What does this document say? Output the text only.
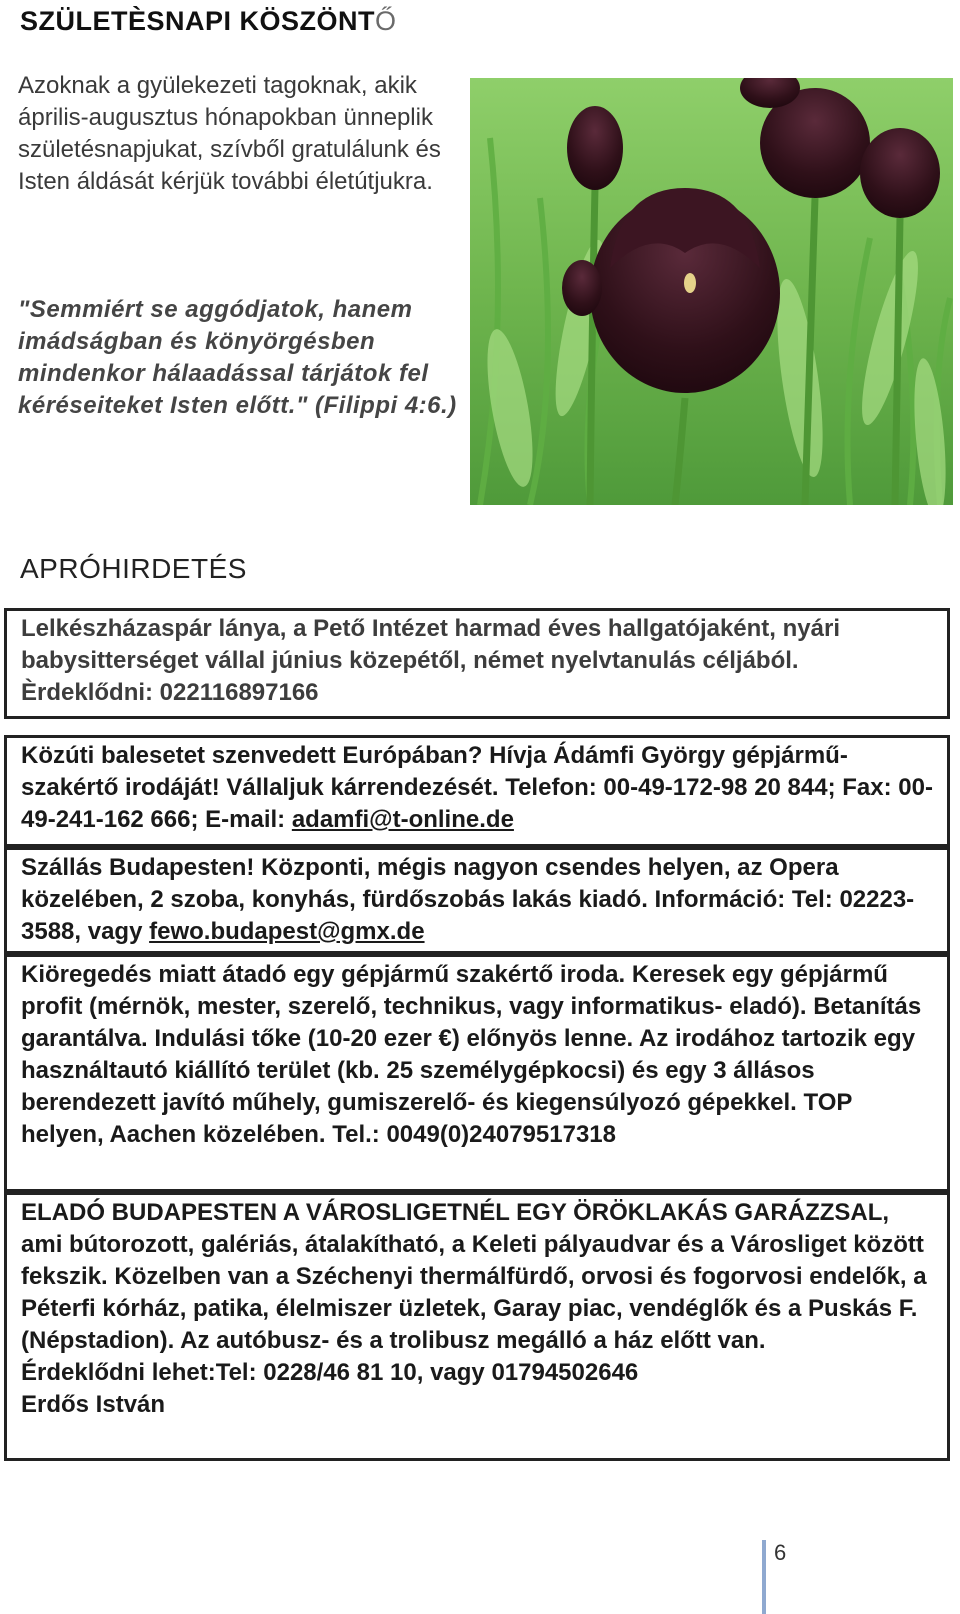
SZÜLETÈSNAPI KÖSZÖNTŐ

Azoknak a gyülekezeti tagoknak, akik április-augusztus hónapokban ünneplik születésnapjukat, szívből gratulálunk és Isten áldását kérjük további életútjukra.

"Semmiért se aggódjatok, hanem imádságban és könyörgésben mindenkor hálaadással tárjátok fel kéréseiteket Isten előtt." (Filippi 4:6.)
APRÓHIRDETÉS

Lelkészházaspár lánya, a Pető Intézet harmad éves hallgatójaként, nyári babysitterséget vállal június közepétől, német nyelvtanulás céljából. Èrdeklődni: 022116897166

Közúti balesetet szenvedett Európában? Hívja Ádámfi György gépjármű-szakértő irodáját! Vállaljuk kárrendezését. Telefon: 00-49-172-98 20 844; Fax: 00-49-241-162 666; E-mail: adamfi@t-online.de

Szállás Budapesten! Központi, mégis nagyon csendes helyen, az Opera közelében, 2 szoba, konyhás, fürdőszobás lakás kiadó. Információ: Tel: 02223-3588, vagy fewo.budapest@gmx.de

Kiöregedés miatt átadó egy gépjármű szakértő iroda. Keresek egy gépjármű profit (mérnök, mester, szerelő, technikus, vagy informatikus- eladó). Betanítás garantálva. Indulási tőke (10-20 ezer €) előnyös lenne. Az irodához tartozik egy használtautó kiállító terület (kb. 25 személygépkocsi) és egy 3 állásos berendezett javító műhely, gumiszerelő- és kiegensúlyozó gépekkel. TOP helyen, Aachen közelében. Tel.: 0049(0)24079517318

ELADÓ BUDAPESTEN A VÁROSLIGETNÉL EGY ÖRÖKLAKÁS GARÁZZSAL, ami bútorozott, galériás, átalakítható, a Keleti pályaudvar és a Városliget között fekszik. Közelben van a Széchenyi thermálfürdő, orvosi és fogorvosi endelők, a Péterfi kórház, patika, élelmiszer üzletek, Garay piac, vendéglők és a Puskás F.(Népstadion). Az autóbusz- és a trolibusz megálló a ház előtt van.

Érdeklődni lehet:Tel: 0228/46 81 10, vagy 01794502646

Erdős István

6
